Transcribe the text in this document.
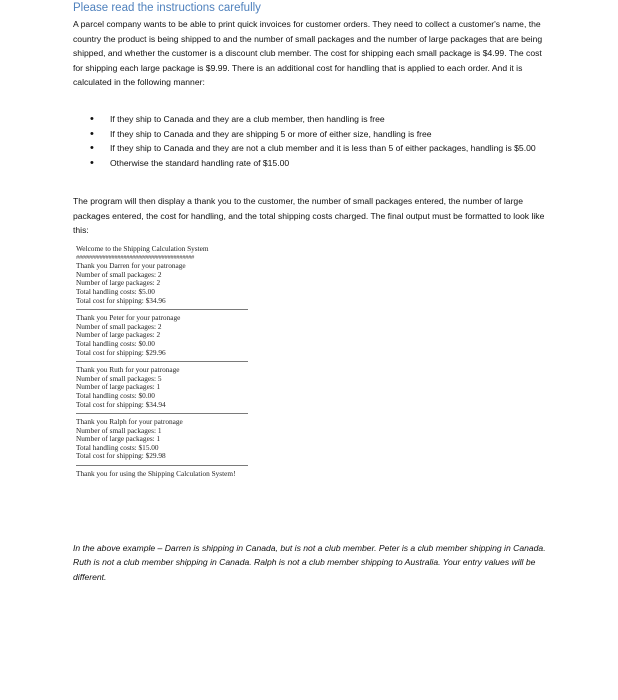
Please read the instructions carefully
A parcel company wants to be able to print quick invoices for customer orders. They need to collect a customer's name, the country the product is being shipped to and the number of small packages and the number of large packages that are being shipped, and whether the customer is a discount club member. The cost for shipping each small package is $4.99. The cost for shipping each large package is $9.99. There is an additional cost for handling that is applied to each order. And it is calculated in the following manner:
• If they ship to Canada and they are a club member, then handling is free
• If they ship to Canada and they are shipping 5 or more of either size, handling is free
• If they ship to Canada and they are not a club member and it is less than 5 of either packages, handling is $5.00
• Otherwise the standard handling rate of $15.00
The program will then display a thank you to the customer, the number of small packages entered, the number of large packages entered, the cost for handling, and the total shipping costs charged. The final output must be formatted to look like this:
Welcome to the Shipping Calculation System
########################################
Thank you Darren for your patronage
Number of small packages: 2
Number of large packages: 2
Total handling costs: $5.00
Total cost for shipping: $34.96
Thank you Peter for your patronage
Number of small packages: 2
Number of large packages: 2
Total handling costs: $0.00
Total cost for shipping: $29.96
Thank you Ruth for your patronage
Number of small packages: 5
Number of large packages: 1
Total handling costs: $0.00
Total cost for shipping: $34.94
Thank you Ralph for your patronage
Number of small packages: 1
Number of large packages: 1
Total handling costs: $15.00
Total cost for shipping: $29.98
Thank you for using the Shipping Calculation System!
In the above example – Darren is shipping in Canada, but is not a club member. Peter is a club member shipping in Canada. Ruth is not a club member shipping in Canada. Ralph is not a club member shipping to Australia. Your entry values will be different.
